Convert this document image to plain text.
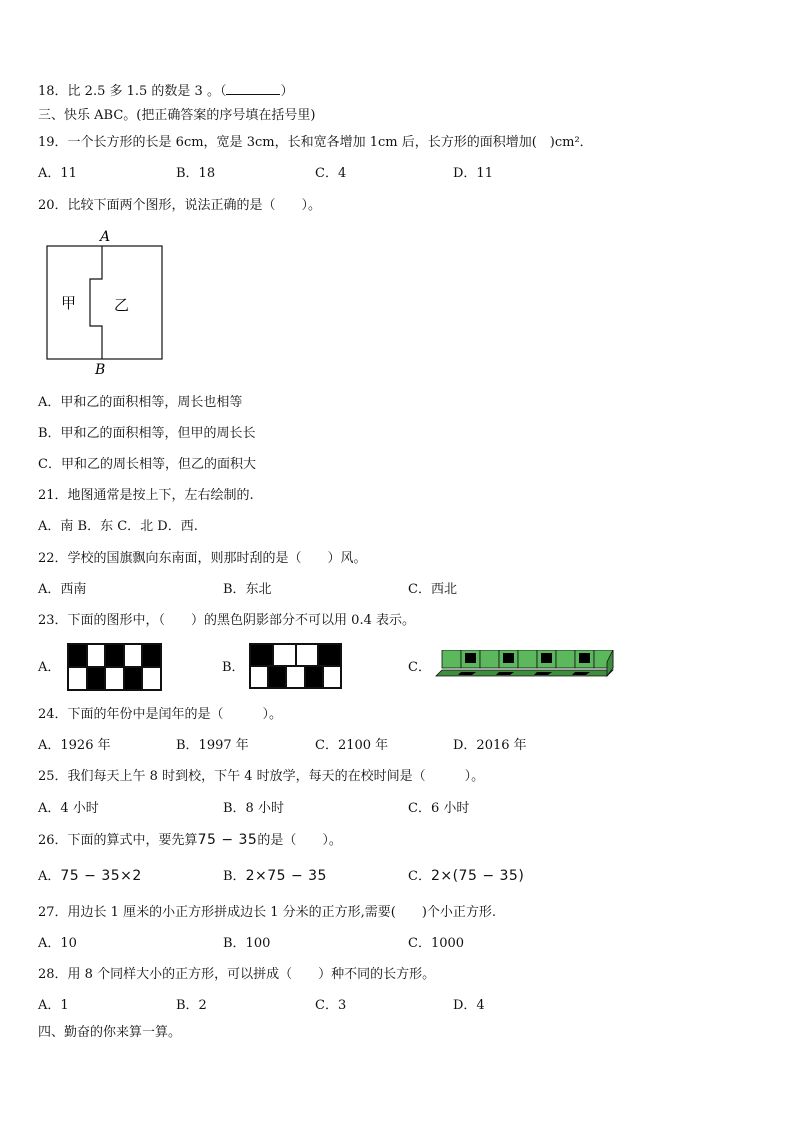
18．比 2.5 多 1.5 的数是 3 。（	）
三、快乐 ABC。(把正确答案的序号填在括号里)
19．一个长方形的长是 6cm，宽是 3cm，长和宽各增加 1cm 后，长方形的面积增加(　)cm²．
A．11	B．18	C．4	D．11
20．比较下面两个图形，说法正确的是（　　）。
A
B
甲	乙
A．甲和乙的面积相等，周长也相等
B．甲和乙的面积相等，但甲的周长长
C．甲和乙的周长相等，但乙的面积大
21．地图通常是按上下，左右绘制的.
A．南 B．东 C．北 D．西.
22．学校的国旗飘向东南面，则那时刮的是（　　）风。
A．西南	B．东北	C．西北
23．下面的图形中，（　　）的黑色阴影部分不可以用 0.4 表示。
A．	B．	C．
24．下面的年份中是闰年的是（　　　）。
A．1926 年	B．1997 年	C．2100 年	D．2016 年
25．我们每天上午 8 时到校，下午 4 时放学，每天的在校时间是（　　　）。
A．4 小时	B．8 小时	C．6 小时
26．下面的算式中，要先算75 − 35的是（　　）。
A．75 − 35×2	B．2×75 − 35	C．2×(75 − 35)
27．用边长 1 厘米的小正方形拼成边长 1 分米的正方形,需要(　　)个小正方形.
A．10	B．100	C．1000
28．用 8 个同样大小的正方形，可以拼成（　　）种不同的长方形。
A．1	B．2	C．3	D．4
四、勤奋的你来算一算。
